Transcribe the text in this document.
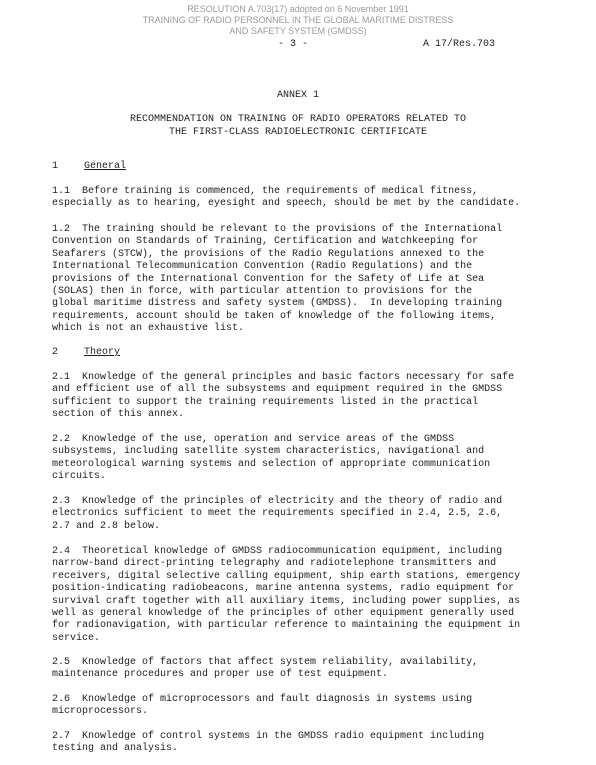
RESOLUTION A.703(17) adopted on 6 November 1991
TRAINING OF RADIO PERSONNEL IN THE GLOBAL MARITIME DISTRESS
AND SAFETY SYSTEM (GMDSS)
- 3 -	A 17/Res.703
ANNEX 1
RECOMMENDATION ON TRAINING OF RADIO OPERATORS RELATED TO
THE FIRST-CLASS RADIOELECTRONIC CERTIFICATE
1	General

1.1  Before training is commenced, the requirements of medical fitness,
especially as to hearing, eyesight and speech, should be met by the candidate.

1.2  The training should be relevant to the provisions of the International
Convention on Standards of Training, Certification and Watchkeeping for
Seafarers (STCW), the provisions of the Radio Regulations annexed to the
International Telecommunication Convention (Radio Regulations) and the
provisions of the International Convention for the Safety of Life at Sea
(SOLAS) then in force, with particular attention to provisions for the
global maritime distress and safety system (GMDSS).  In developing training
requirements, account should be taken of knowledge of the following items,
which is not an exhaustive list.

2	Theory

2.1  Knowledge of the general principles and basic factors necessary for safe
and efficient use of all the subsystems and equipment required in the GMDSS
sufficient to support the training requirements listed in the practical
section of this annex.

2.2  Knowledge of the use, operation and service areas of the GMDSS
subsystems, including satellite system characteristics, navigational and
meteorological warning systems and selection of appropriate communication
circuits.

2.3  Knowledge of the principles of electricity and the theory of radio and
electronics sufficient to meet the requirements specified in 2.4, 2.5, 2.6,
2.7 and 2.8 below.

2.4  Theoretical knowledge of GMDSS radiocommunication equipment, including
narrow-band direct-printing telegraphy and radiotelephone transmitters and
receivers, digital selective calling equipment, ship earth stations, emergency
position-indicating radiobeacons, marine antenna systems, radio equipment for
survival craft together with all auxiliary items, including power supplies, as
well as general knowledge of the principles of other equipment generally used
for radionavigation, with particular reference to maintaining the equipment in
service.

2.5  Knowledge of factors that affect system reliability, availability,
maintenance procedures and proper use of test equipment.

2.6  Knowledge of microprocessors and fault diagnosis in systems using
microprocessors.

2.7  Knowledge of control systems in the GMDSS radio equipment including
testing and analysis.
